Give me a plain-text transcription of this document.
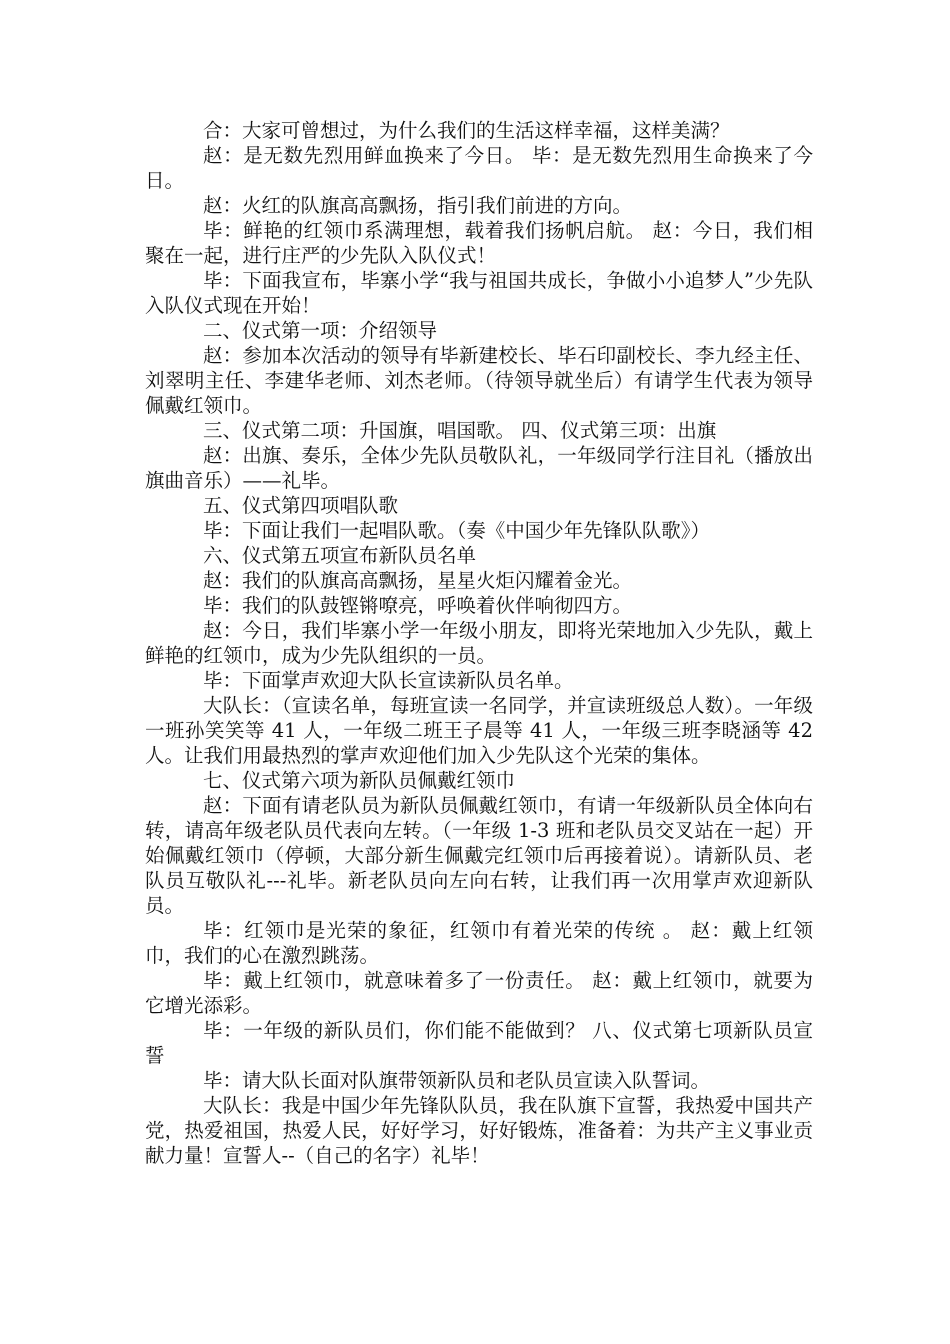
合：大家可曾想过，为什么我们的生活这样幸福，这样美满？

赵：是无数先烈用鲜血换来了今日。 毕：是无数先烈用生命换来了今日。

赵：火红的队旗高高飘扬，指引我们前进的方向。

毕：鲜艳的红领巾系满理想，载着我们扬帆启航。 赵：今日，我们相聚在一起，进行庄严的少先队入队仪式！

毕：下面我宣布，毕寨小学“我与祖国共成长，争做小小追梦人”少先队入队仪式现在开始！

二、仪式第一项：介绍领导

赵：参加本次活动的领导有毕新建校长、毕石印副校长、李九经主任、刘翠明主任、李建华老师、刘杰老师。（待领导就坐后）有请学生代表为领导佩戴红领巾。

三、仪式第二项：升国旗，唱国歌。 四、仪式第三项：出旗

赵：出旗、奏乐，全体少先队员敬队礼，一年级同学行注目礼（播放出旗曲音乐）——礼毕。

五、仪式第四项唱队歌

毕：下面让我们一起唱队歌。（奏《中国少年先锋队队歌》）

六、仪式第五项宣布新队员名单

赵：我们的队旗高高飘扬，星星火炬闪耀着金光。

毕：我们的队鼓铿锵嘹亮，呼唤着伙伴响彻四方。

赵：今日，我们毕寨小学一年级小朋友，即将光荣地加入少先队，戴上鲜艳的红领巾，成为少先队组织的一员。

毕：下面掌声欢迎大队长宣读新队员名单。

大队长：（宣读名单，每班宣读一名同学，并宣读班级总人数）。一年级一班孙笑笑等 41 人，一年级二班王子晨等 41 人，一年级三班李晓涵等 42 人。让我们用最热烈的掌声欢迎他们加入少先队这个光荣的集体。

七、仪式第六项为新队员佩戴红领巾

赵：下面有请老队员为新队员佩戴红领巾，有请一年级新队员全体向右转，请高年级老队员代表向左转。（一年级 1-3 班和老队员交叉站在一起）开始佩戴红领巾（停顿，大部分新生佩戴完红领巾后再接着说）。请新队员、老队员互敬队礼---礼毕。新老队员向左向右转，让我们再一次用掌声欢迎新队员。

毕：红领巾是光荣的象征，红领巾有着光荣的传统 。 赵：戴上红领巾，我们的心在激烈跳荡。

毕：戴上红领巾，就意味着多了一份责任。 赵：戴上红领巾，就要为它增光添彩。

毕：一年级的新队员们，你们能不能做到？ 八、仪式第七项新队员宣誓

毕：请大队长面对队旗带领新队员和老队员宣读入队誓词。

大队长：我是中国少年先锋队队员，我在队旗下宣誓，我热爱中国共产党，热爱祖国，热爱人民，好好学习，好好锻炼，准备着：为共产主义事业贡献力量！宣誓人--（自己的名字）礼毕！
